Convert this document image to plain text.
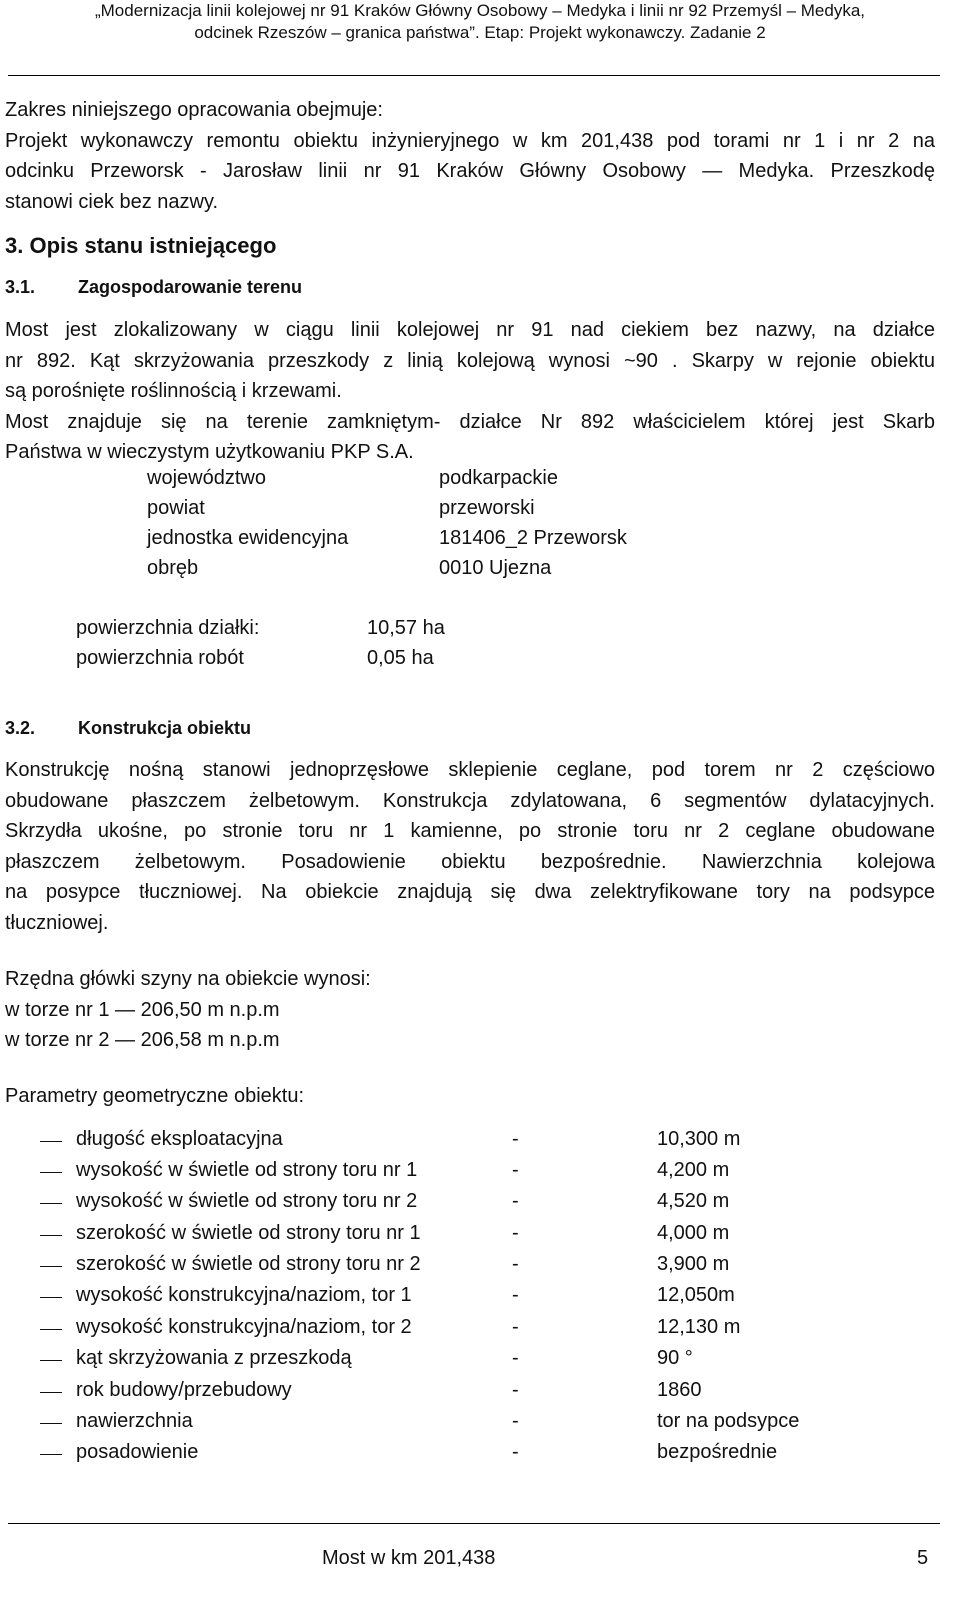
„Modernizacja linii kolejowej nr 91 Kraków Główny Osobowy – Medyka i linii nr 92 Przemyśl – Medyka,
odcinek Rzeszów – granica państwa”. Etap: Projekt wykonawczy. Zadanie 2
Zakres niniejszego opracowania obejmuje:
Projekt wykonawczy remontu obiektu inżynieryjnego w km 201,438 pod torami nr 1 i nr 2 na
odcinku Przeworsk - Jarosław linii nr 91 Kraków Główny Osobowy — Medyka. Przeszkodę
stanowi ciek bez nazwy.
3. Opis stanu istniejącego
3.1. Zagospodarowanie terenu
Most jest zlokalizowany w ciągu linii kolejowej nr 91 nad ciekiem bez nazwy, na działce
nr 892. Kąt skrzyżowania przeszkody z linią kolejową wynosi ~90 . Skarpy w rejonie obiektu
są porośnięte roślinnością i krzewami.
Most znajduje się na terenie zamkniętym- działce Nr 892 właścicielem której jest Skarb
Państwa w wieczystym użytkowaniu PKP S.A.
województwo	podkarpackie
powiat	przeworski
jednostka ewidencyjna	181406_2 Przeworsk
obręb	0010 Ujezna
powierzchnia działki:	10,57 ha
powierzchnia robót	0,05 ha
3.2. Konstrukcja obiektu
Konstrukcję nośną stanowi jednoprzęsłowe sklepienie ceglane, pod torem nr 2 częściowo
obudowane płaszczem żelbetowym. Konstrukcja zdylatowana, 6 segmentów dylatacyjnych.
Skrzydła ukośne, po stronie toru nr 1 kamienne, po stronie toru nr 2 ceglane obudowane
płaszczem żelbetowym. Posadowienie obiektu bezpośrednie. Nawierzchnia kolejowa
na posypce tłuczniowej. Na obiekcie znajdują się dwa zelektryfikowane tory na podsypce
tłuczniowej.
Rzędna główki szyny na obiekcie wynosi:
w torze nr 1 — 206,50 m n.p.m
w torze nr 2 — 206,58 m n.p.m
Parametry geometryczne obiektu:
długość eksploatacyjna	-	10,300 m
wysokość w świetle od strony toru nr 1	-	4,200 m
wysokość w świetle od strony toru nr 2	-	4,520 m
szerokość w świetle od strony toru nr 1	-	4,000 m
szerokość w świetle od strony toru nr 2	-	3,900 m
wysokość konstrukcyjna/naziom, tor 1	-	12,050m
wysokość konstrukcyjna/naziom, tor 2	-	12,130 m
kąt skrzyżowania z przeszkodą	-	90 °
rok budowy/przebudowy	-	1860
nawierzchnia	-	tor na podsypce
posadowienie	-	bezpośrednie
Most w km 201,438	5
